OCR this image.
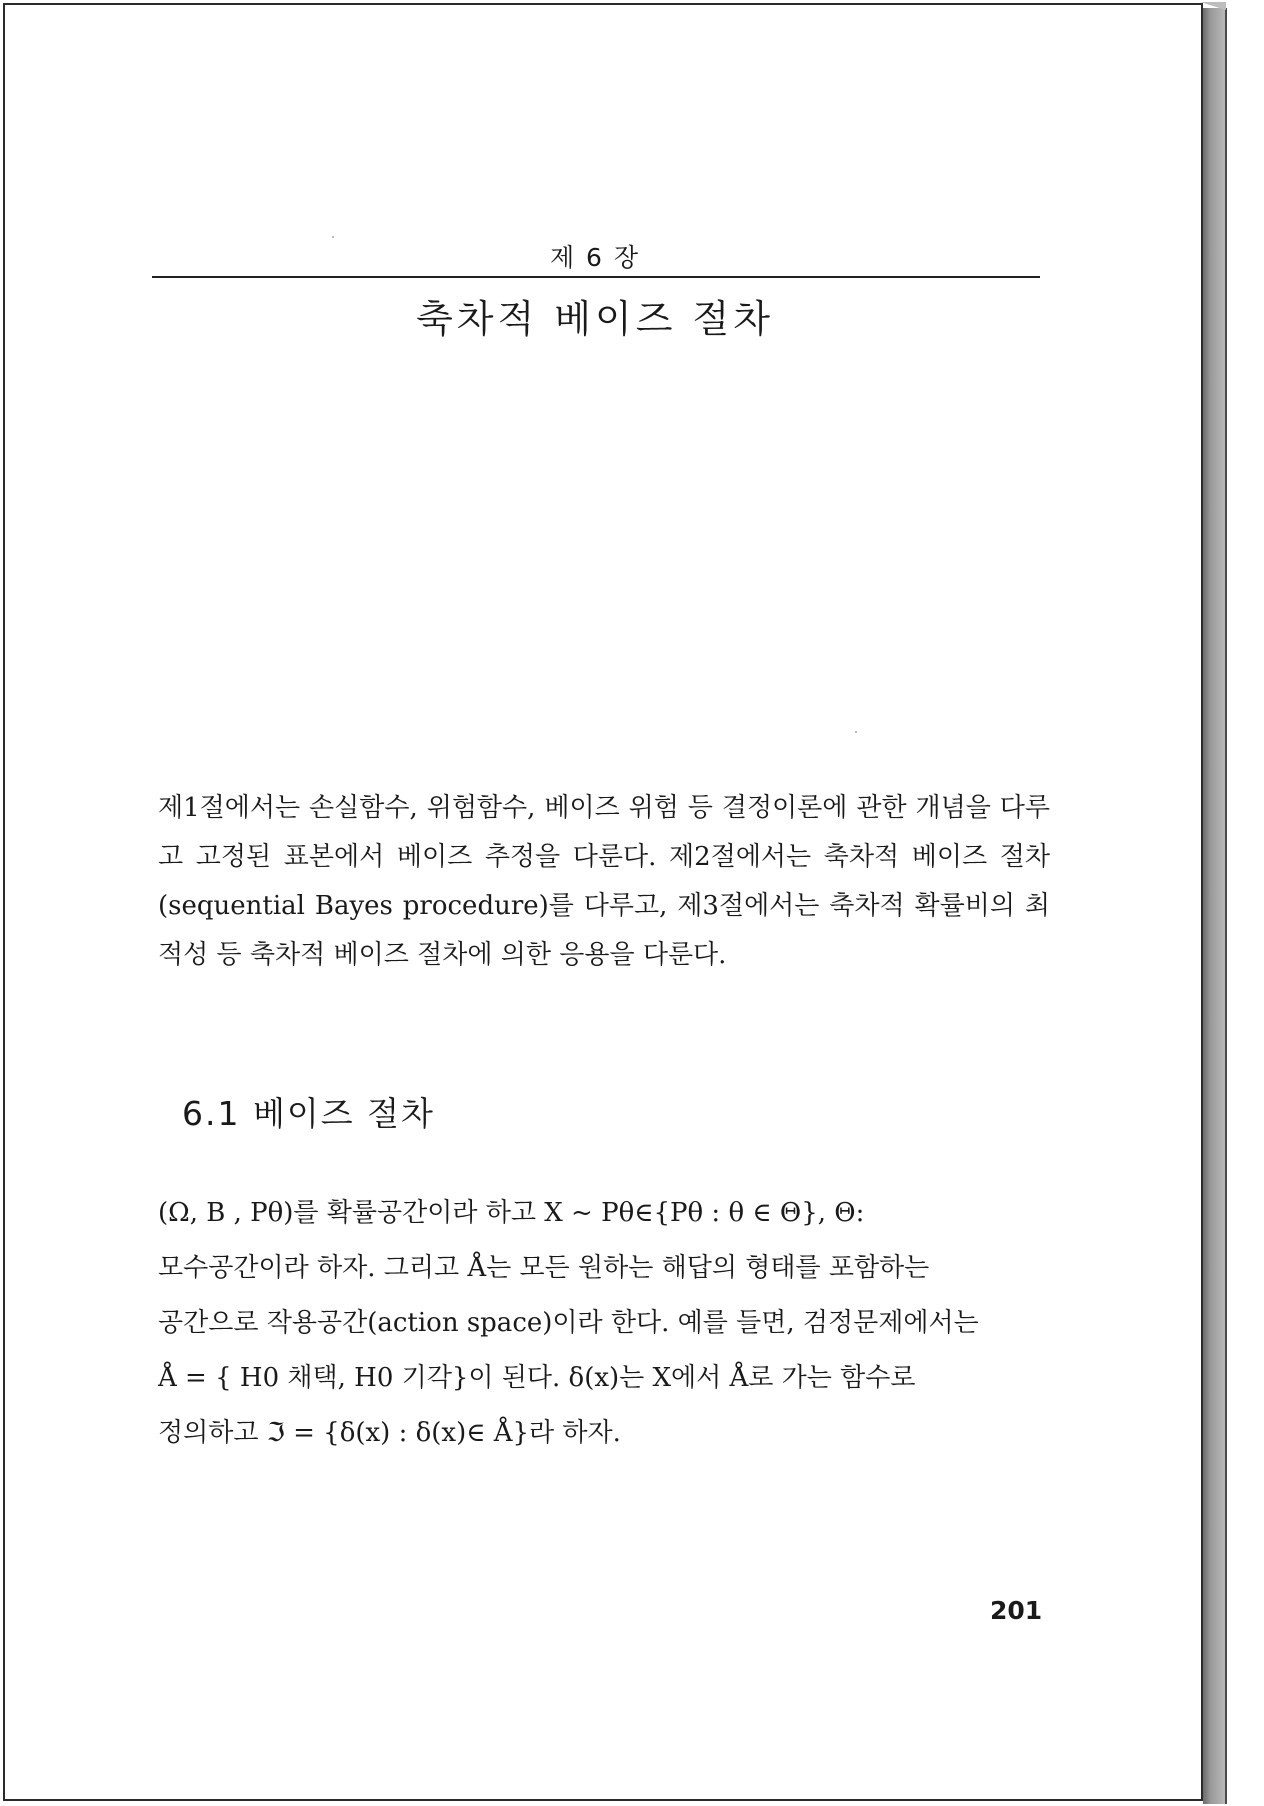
제 6 장
축차적 베이즈 절차
제1절에서는 손실함수, 위험함수, 베이즈 위험 등 결정이론에 관한 개념을 다루고 고정된 표본에서 베이즈 추정을 다룬다. 제2절에서는 축차적 베이즈 절차(sequential Bayes procedure)를 다루고, 제3절에서는 축차적 확률비의 최적성 등 축차적 베이즈 절차에 의한 응용을 다룬다.
6.1 베이즈 절차
(Ω, B , Pθ)를 확률공간이라 하고 X ~ Pθ∈{Pθ : θ ∈ Θ}, Θ:
모수공간이라 하자. 그리고 Å는 모든 원하는 해답의 형태를 포함하는
공간으로 작용공간(action space)이라 한다. 예를 들면, 검정문제에서는
Å = { H0 채택, H0 기각}이 된다. δ(x)는 X에서 Å로 가는 함수로
정의하고 ℑ = {δ(x) : δ(x)∈ Å}라 하자.
201
